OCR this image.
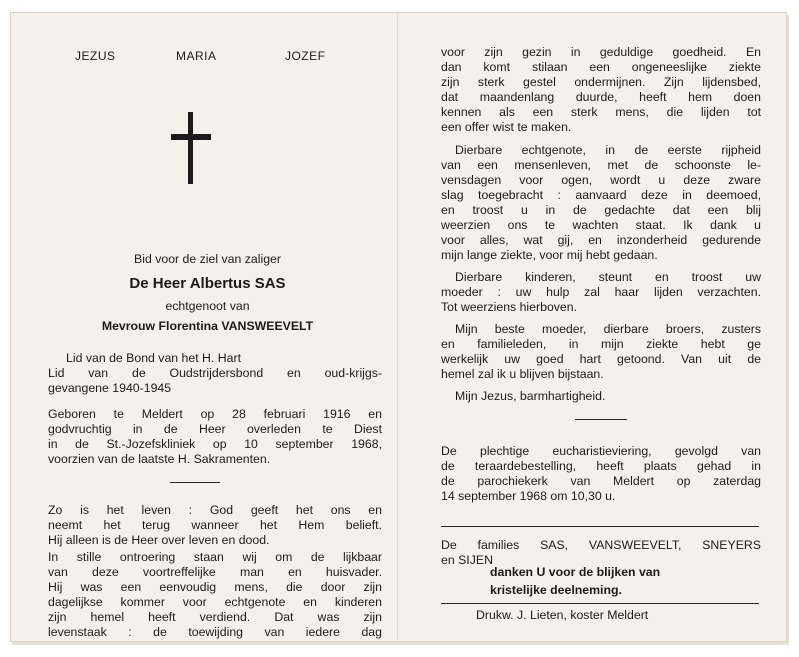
JEZUS	MARIA	JOZEF
Bid voor de ziel van zaliger
De Heer Albertus SAS
echtgenoot van
Mevrouw Florentina VANSWEEVELT
Lid van de Bond van het H. Hart
Lid van de Oudstrijdersbond en oud-krijgs-
gevangene 1940-1945
Geboren te Meldert op 28 februari 1916 en
godvruchtig in de Heer overleden te Diest
in de St.-Jozefskliniek op 10 september 1968,
voorzien van de laatste H. Sakramenten.
Zo is het leven : God geeft het ons en
neemt het terug wanneer het Hem belieft.
Hij alleen is de Heer over leven en dood.
In stille ontroering staan wij om de lijkbaar
van deze voortreffelijke man en huisvader.
Hij was een eenvoudig mens, die door zijn
dagelijkse kommer voor echtgenote en kinderen
zijn hemel heeft verdiend. Dat was zijn
levenstaak : de toewijding van iedere dag
voor zijn gezin in geduldige goedheid. En
dan komt stilaan een ongeneeslijke ziekte
zijn sterk gestel ondermijnen. Zijn lijdensbed,
dat maandenlang duurde, heeft hem doen
kennen als een sterk mens, die lijden tot
een offer wist te maken.
Dierbare echtgenote, in de eerste rijpheid
van een mensenleven, met de schoonste le-
vensdagen voor ogen, wordt u deze zware
slag toegebracht : aanvaard deze in deemoed,
en troost u in de gedachte dat een blij
weerzien ons te wachten staat. Ik dank u
voor alles, wat gij, en inzonderheid gedurende
mijn lange ziekte, voor mij hebt gedaan.
Dierbare kinderen, steunt en troost uw
moeder : uw hulp zal haar lijden verzachten.
Tot weerziens hierboven.
Mijn beste moeder, dierbare broers, zusters
en familieleden, in mijn ziekte hebt ge
werkelijk uw goed hart getoond. Van uit de
hemel zal ik u blijven bijstaan.
Mijn Jezus, barmhartigheid.
De plechtige eucharistieviering, gevolgd van
de teraardebestelling, heeft plaats gehad in
de parochiekerk van Meldert op zaterdag
14 september 1968 om 10,30 u.
De families SAS, VANSWEEVELT, SNEYERS
en SIJEN
danken U voor de blijken van
kristelijke deelneming.
Drukw. J. Lieten, koster Meldert
